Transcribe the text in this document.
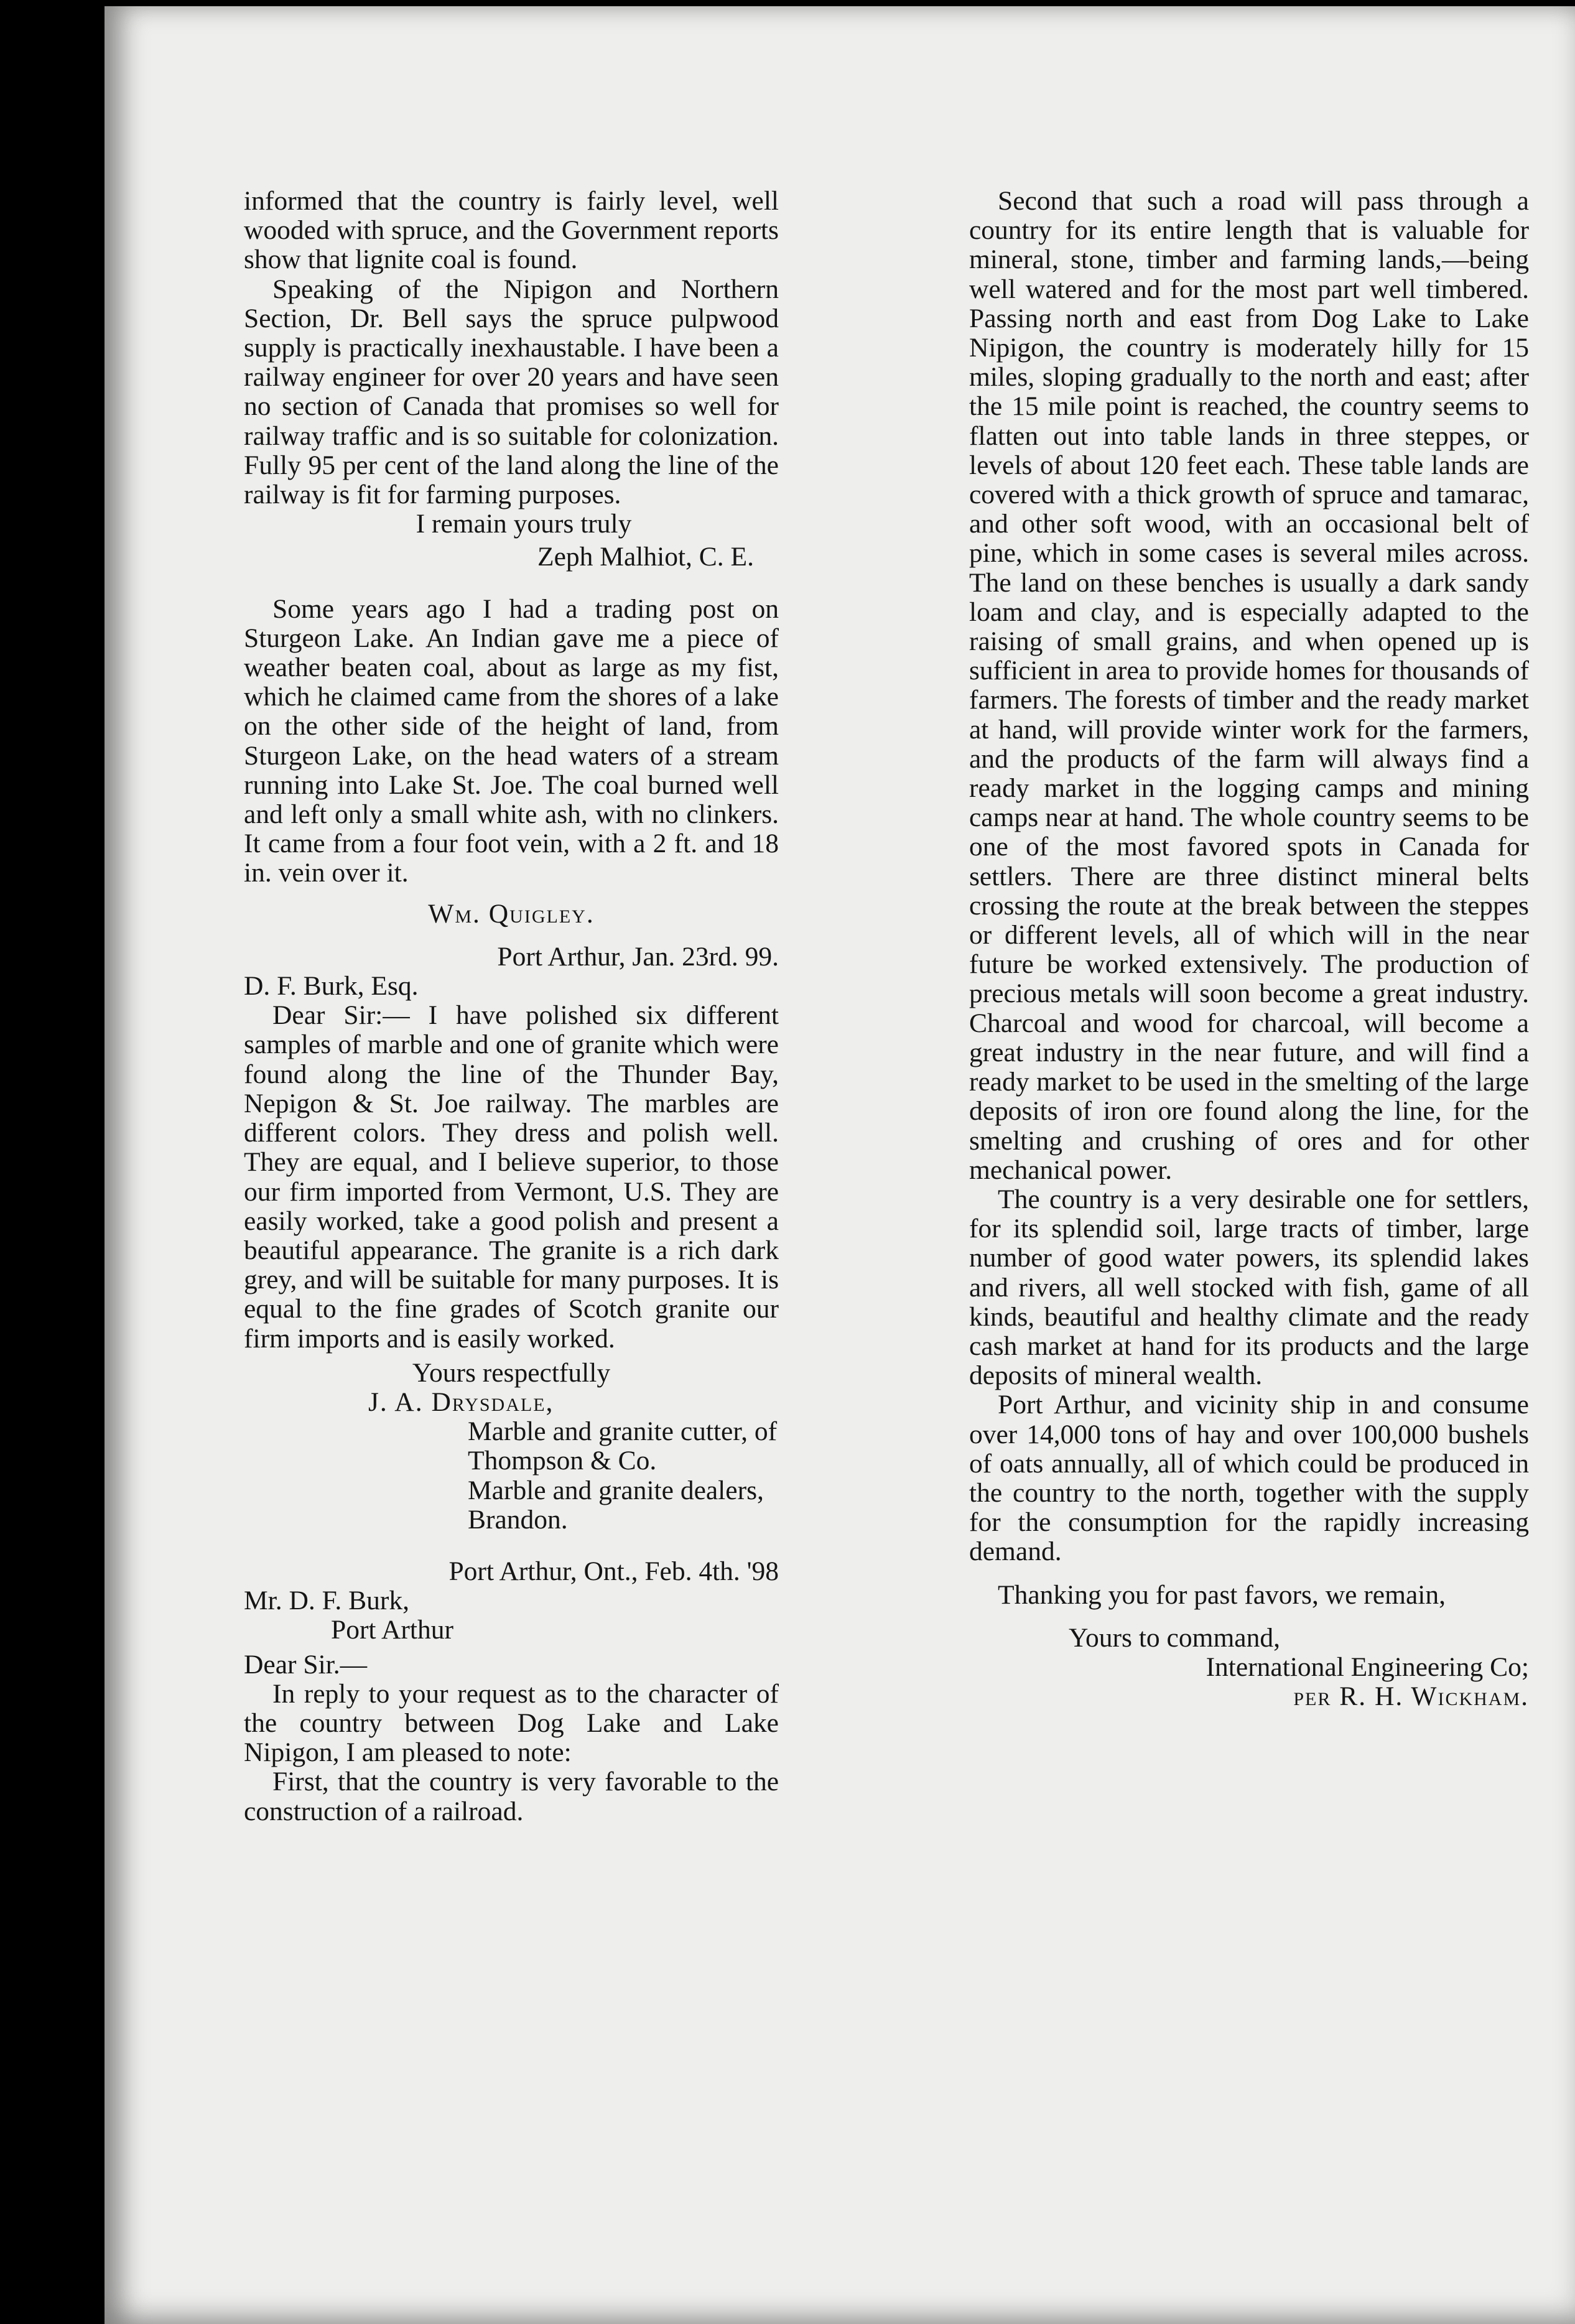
informed that the country is fairly level, well wooded with spruce, and the Government reports show that lignite coal is found.

Speaking of the Nipigon and Northern Section, Dr. Bell says the spruce pulpwood supply is practically inexhaustable. I have been a railway engineer for over 20 years and have seen no section of Canada that promises so well for railway traffic and is so suitable for colonization. Fully 95 per cent of the land along the line of the railway is fit for farming purposes.

I remain yours truly
Zeph Malhiot, C. E.

Some years ago I had a trading post on Sturgeon Lake. An Indian gave me a piece of weather beaten coal, about as large as my fist, which he claimed came from the shores of a lake on the other side of the height of land, from Sturgeon Lake, on the head waters of a stream running into Lake St. Joe. The coal burned well and left only a small white ash, with no clinkers. It came from a four foot vein, with a 2 ft. and 18 in. vein over it.

Wm. Quigley.
Port Arthur, Jan. 23rd. 99.
D. F. Burk, Esq.

Dear Sir:— I have polished six different samples of marble and one of granite which were found along the line of the Thunder Bay, Nepigon & St. Joe railway. The marbles are different colors. They dress and polish well. They are equal, and I believe superior, to those our firm imported from Vermont, U.S. They are easily worked, take a good polish and present a beautiful appearance. The granite is a rich dark grey, and will be suitable for many purposes. It is equal to the fine grades of Scotch granite our firm imports and is easily worked.

Yours respectfully
J. A. Drysdale,
Marble and granite cutter, of Thompson & Co.
Marble and granite dealers, Brandon.
Port Arthur, Ont., Feb. 4th. '98
Mr. D. F. Burk,
Port Arthur
Dear Sir.—

In reply to your request as to the character of the country between Dog Lake and Lake Nipigon, I am pleased to note:

First, that the country is very favorable to the construction of a railroad.

Second that such a road will pass through a country for its entire length that is valuable for mineral, stone, timber and farming lands,—being well watered and for the most part well timbered. Passing north and east from Dog Lake to Lake Nipigon, the country is moderately hilly for 15 miles, sloping gradually to the north and east; after the 15 mile point is reached, the country seems to flatten out into table lands in three steppes, or levels of about 120 feet each. These table lands are covered with a thick growth of spruce and tamarac, and other soft wood, with an occasional belt of pine, which in some cases is several miles across. The land on these benches is usually a dark sandy loam and clay, and is especially adapted to the raising of small grains, and when opened up is sufficient in area to provide homes for thousands of farmers. The forests of timber and the ready market at hand, will provide winter work for the farmers, and the products of the farm will always find a ready market in the logging camps and mining camps near at hand. The whole country seems to be one of the most favored spots in Canada for settlers. There are three distinct mineral belts crossing the route at the break between the steppes or different levels, all of which will in the near future be worked extensively. The production of precious metals will soon become a great industry. Charcoal and wood for charcoal, will become a great industry in the near future, and will find a ready market to be used in the smelting of the large deposits of iron ore found along the line, for the smelting and crushing of ores and for other mechanical power.

The country is a very desirable one for settlers, for its splendid soil, large tracts of timber, large number of good water powers, its splendid lakes and rivers, all well stocked with fish, game of all kinds, beautiful and healthy climate and the ready cash market at hand for its products and the large deposits of mineral wealth.

Port Arthur, and vicinity ship in and consume over 14,000 tons of hay and over 100,000 bushels of oats annually, all of which could be produced in the country to the north, together with the supply for the consumption for the rapidly increasing demand.

Thanking you for past favors, we remain,

Yours to command,
International Engineering Co;
per R. H. Wickham.
